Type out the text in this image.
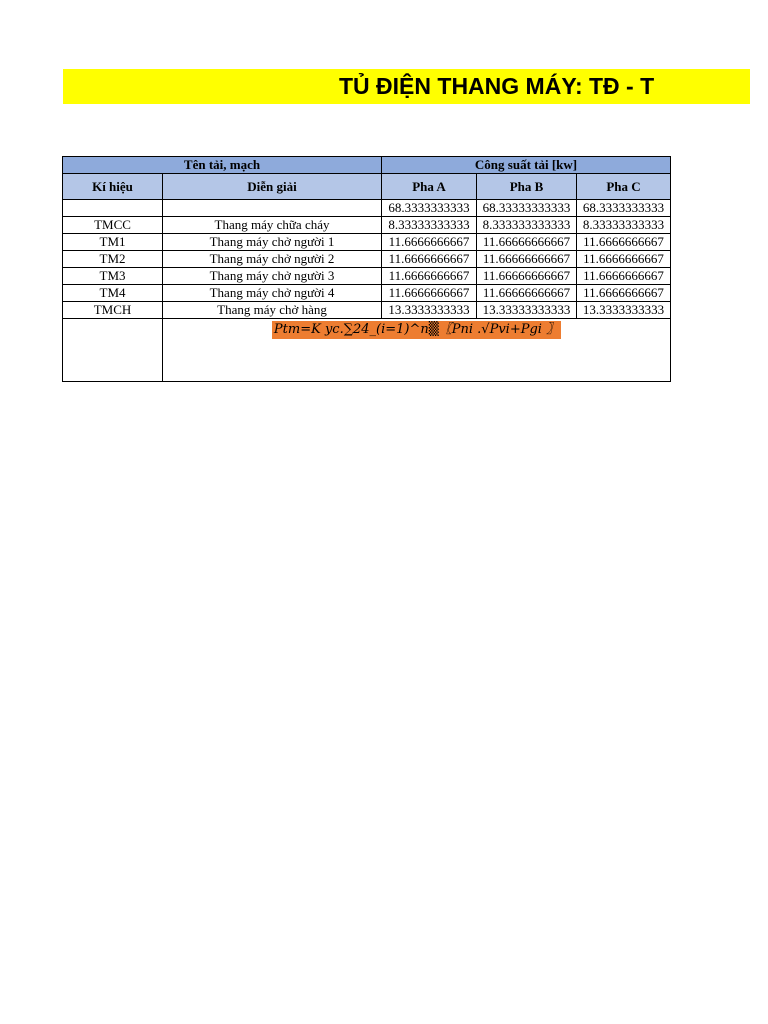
TỦ ĐIỆN THANG MÁY: TĐ - T
Tên tải, mạch		Công suất tải [kw]		
Kí hiệu	Diễn giải	Pha A	Pha B	Pha C
		68.3333333333	68.33333333333	68.3333333333
TMCC	Thang máy chữa cháy	8.33333333333	8.333333333333	8.33333333333
TM1	Thang máy chở người 1	11.6666666667	11.66666666667	11.6666666667
TM2	Thang máy chở người 2	11.6666666667	11.66666666667	11.6666666667
TM3	Thang máy chở người 3	11.6666666667	11.66666666667	11.6666666667
TM4	Thang máy chở người 4	11.6666666667	11.66666666667	11.6666666667
TMCH	Thang máy chở hàng	13.3333333333	13.33333333333	13.3333333333
	𝑃𝑡𝑚=𝐾 𝑦𝑐.∑24_(𝑖=1)^𝑛▒〖𝑃𝑛𝑖 .√𝑃𝑣𝑖+𝑃𝑔𝑖 〗			
